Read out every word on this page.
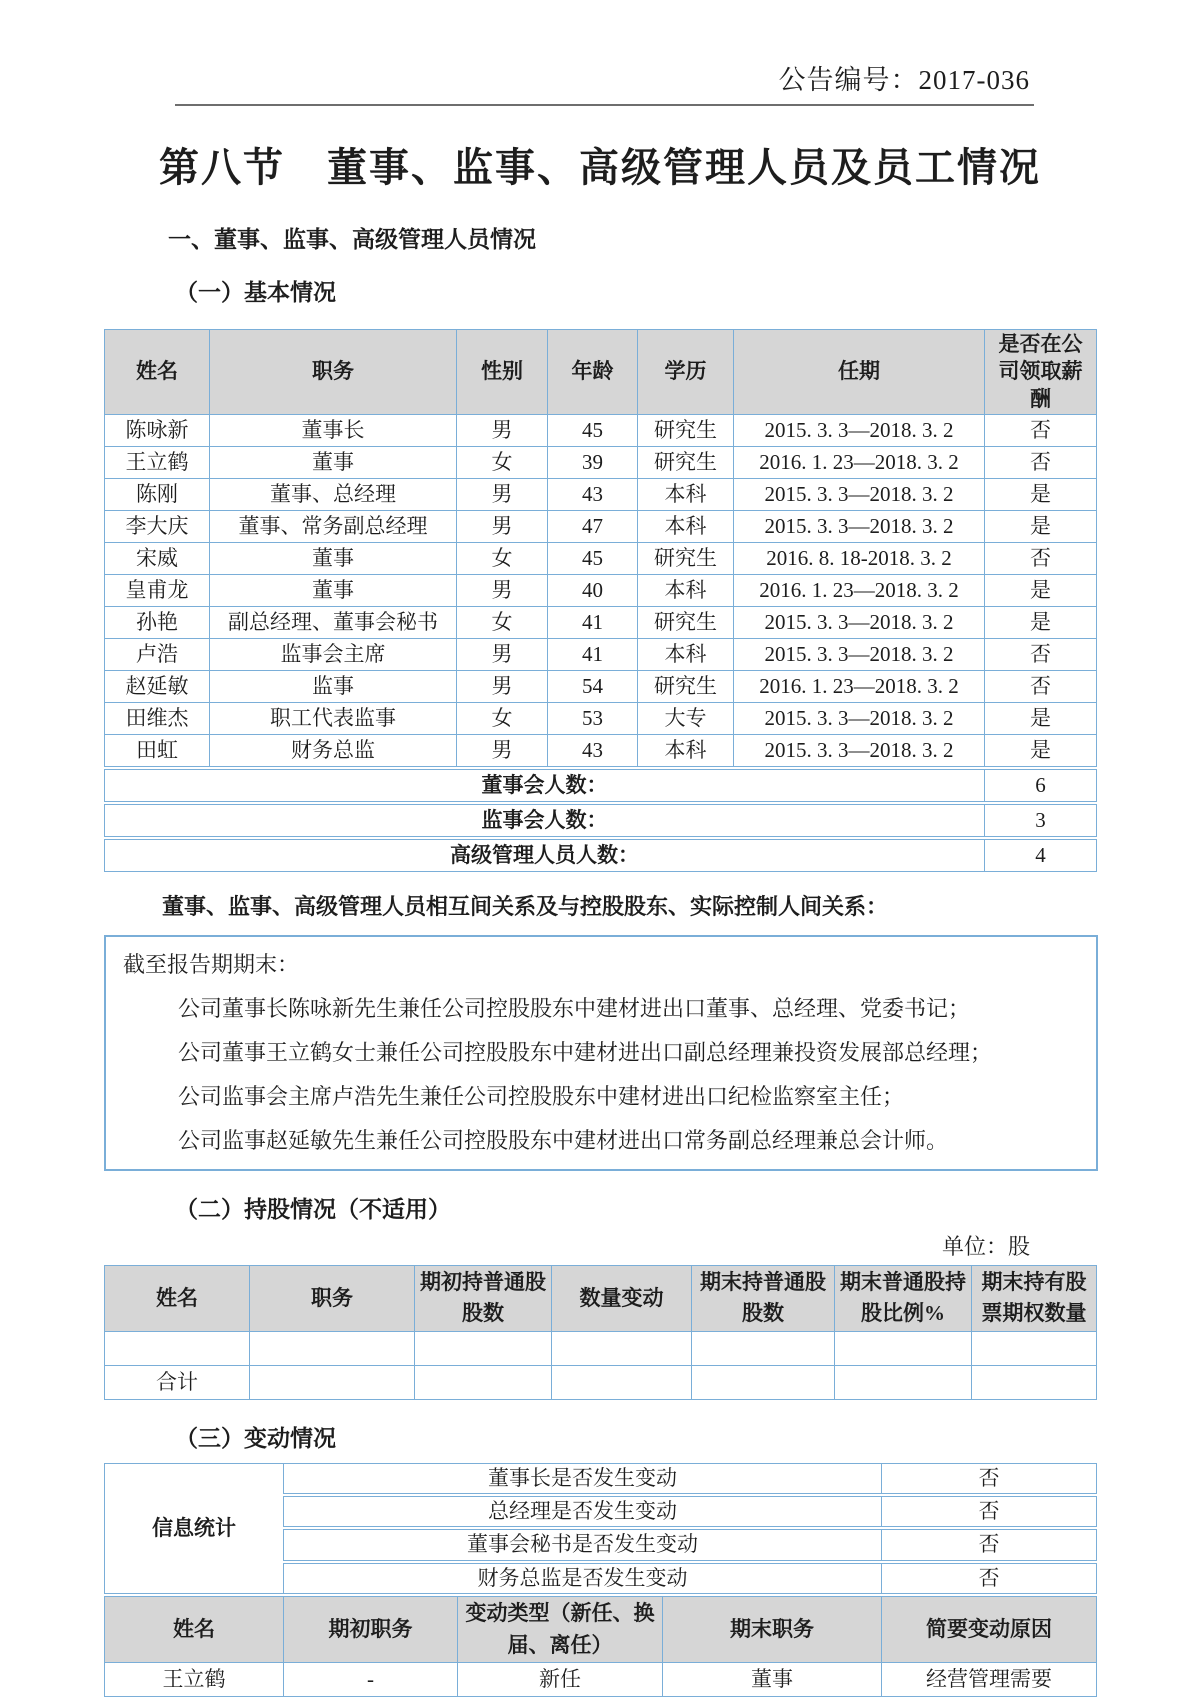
公告编号：2017-036
第八节　董事、监事、高级管理人员及员工情况
一、董事、监事、高级管理人员情况
（一）基本情况
姓名	职务	性别	年龄	学历	任期	是否在公司领取薪酬
陈咏新	董事长	男	45	研究生	2015. 3. 3—2018. 3. 2	否
王立鹤	董事	女	39	研究生	2016. 1. 23—2018. 3. 2	否
陈刚	董事、总经理	男	43	本科	2015. 3. 3—2018. 3. 2	是
李大庆	董事、常务副总经理	男	47	本科	2015. 3. 3—2018. 3. 2	是
宋威	董事	女	45	研究生	2016. 8. 18-2018. 3. 2	否
皇甫龙	董事	男	40	本科	2016. 1. 23—2018. 3. 2	是
孙艳	副总经理、董事会秘书	女	41	研究生	2015. 3. 3—2018. 3. 2	是
卢浩	监事会主席	男	41	本科	2015. 3. 3—2018. 3. 2	否
赵延敏	监事	男	54	研究生	2016. 1. 23—2018. 3. 2	否
田维杰	职工代表监事	女	53	大专	2015. 3. 3—2018. 3. 2	是
田虹	财务总监	男	43	本科	2015. 3. 3—2018. 3. 2	是
董事会人数：						6
监事会人数：						3
高级管理人员人数：						4
董事、监事、高级管理人员相互间关系及与控股股东、实际控制人间关系：

截至报告期期末：

公司董事长陈咏新先生兼任公司控股股东中建材进出口董事、总经理、党委书记；

公司董事王立鹤女士兼任公司控股股东中建材进出口副总经理兼投资发展部总经理；

公司监事会主席卢浩先生兼任公司控股股东中建材进出口纪检监察室主任；

公司监事赵延敏先生兼任公司控股股东中建材进出口常务副总经理兼总会计师。

（二）持股情况（不适用）
单位：股
姓名	职务	期初持普通股股数	数量变动	期末持普通股股数	期末普通股持股比例%	期末持有股票期权数量

合计						
（三）变动情况
信息统计	董事长是否发生变动			否
	总经理是否发生变动			否
	董事会秘书是否发生变动			否
	财务总监是否发生变动			否
姓名	期初职务	变动类型（新任、换届、离任）	期末职务	简要变动原因
王立鹤	-	新任	董事	经营管理需要
